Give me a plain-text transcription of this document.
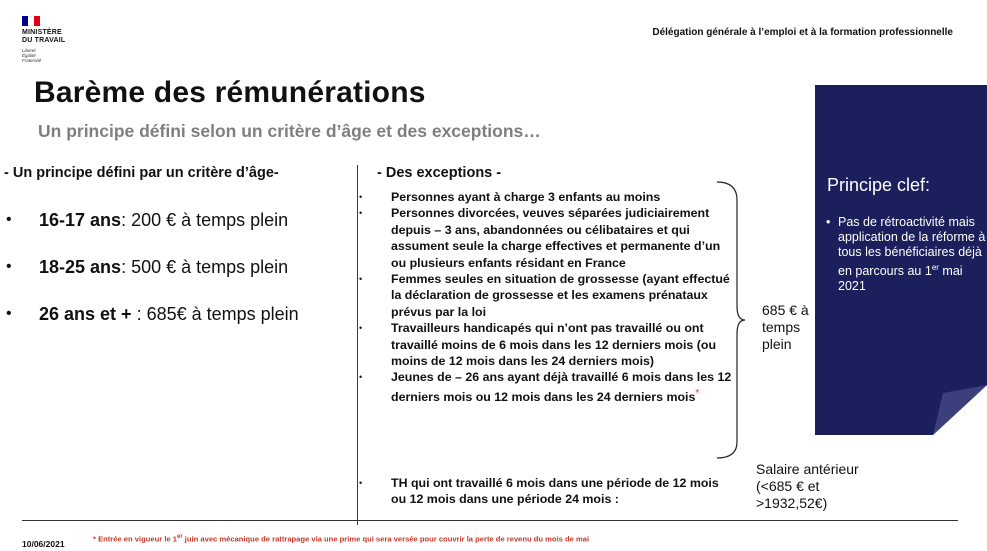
MINISTÈRE
DU TRAVAIL
Liberté
Égalité
Fraternité
Délégation générale à l’emploi et à la formation professionnelle
Barème des rémunérations
Un principe défini selon un critère d’âge et des exceptions…
- Un principe défini par un critère d’âge-
• 16-17 ans: 200 € à temps plein
• 18-25 ans: 500 € à temps plein
• 26 ans et + : 685€ à temps plein
- Des exceptions -
• Personnes ayant à charge 3 enfants au moins
• Personnes divorcées, veuves séparées judiciairement depuis – 3 ans, abandonnées ou célibataires et qui assument seule la charge effectives et permanente d’un ou plusieurs enfants résidant en France
• Femmes seules en situation de grossesse (ayant effectué la déclaration de grossesse et les examens prénataux prévus par la loi
• Travailleurs handicapés qui n’ont pas travaillé ou ont travaillé moins de 6 mois dans les 12 derniers mois (ou moins de 12 mois dans les 24 derniers mois)
• Jeunes de – 26 ans ayant déjà travaillé 6 mois dans les 12 derniers mois ou 12 mois dans les 24 derniers mois*
• TH qui ont travaillé 6 mois dans une période de 12 mois ou 12 mois dans une période 24 mois :
685 € à temps plein
Salaire antérieur (<685 € et >1932,52€)
Principe clef:
• Pas de rétroactivité mais application de la réforme à tous les bénéficiaires déjà en parcours au 1er mai 2021
10/06/2021	* Entrée en vigueur le 1er juin avec mécanique de rattrapage via une prime qui sera versée pour couvrir la perte de revenu du mois de mai
